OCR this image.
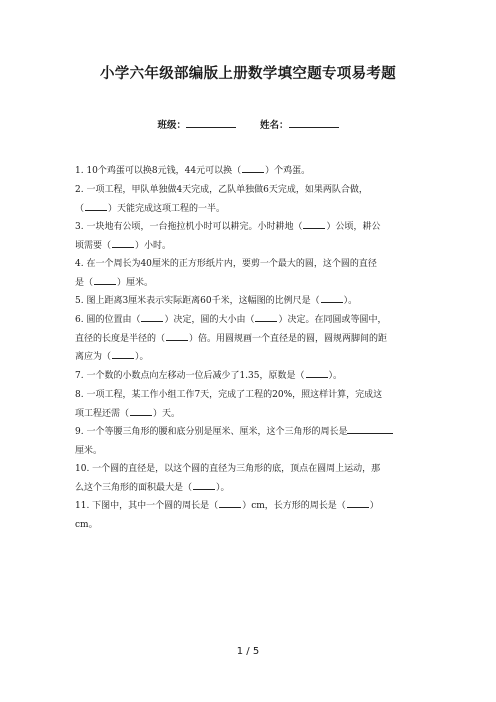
小学六年级部编版上册数学填空题专项易考题
班级：	姓名：
1. 10个鸡蛋可以换8元钱，44元可以换（	）个鸡蛋。
2. 一项工程，甲队单独做4天完成，乙队单独做6天完成，如果两队合做，
（	）天能完成这项工程的一半。
3. 一块地有公顷，一台拖拉机小时可以耕完。小时耕地（	）公顷，耕公
顷需要（	）小时。
4. 在一个周长为40厘米的正方形纸片内，要剪一个最大的圆，这个圆的直径
是（	）厘米。
5. 图上距离3厘米表示实际距离60千米，这幅图的比例尺是（	）。
6. 圆的位置由（	）决定，圆的大小由（	）决定。在同圆或等圆中，
直径的长度是半径的（	）倍。用圆规画一个直径是的圆，圆规两脚间的距
离应为（	）。
7. 一个数的小数点向左移动一位后减少了1.35，原数是（	）。
8. 一项工程，某工作小组工作7天，完成了工程的20%，照这样计算，完成这
项工程还需（	）天。
9. 一个等腰三角形的腰和底分别是厘米、厘米，这个三角形的周长是
厘米。
10. 一个圆的直径是，以这个圆的直径为三角形的底，顶点在圆周上运动，那
么这个三角形的面积最大是（	）。
11. 下图中，其中一个圆的周长是（	）cm，长方形的周长是（	）
cm。
1 / 5
